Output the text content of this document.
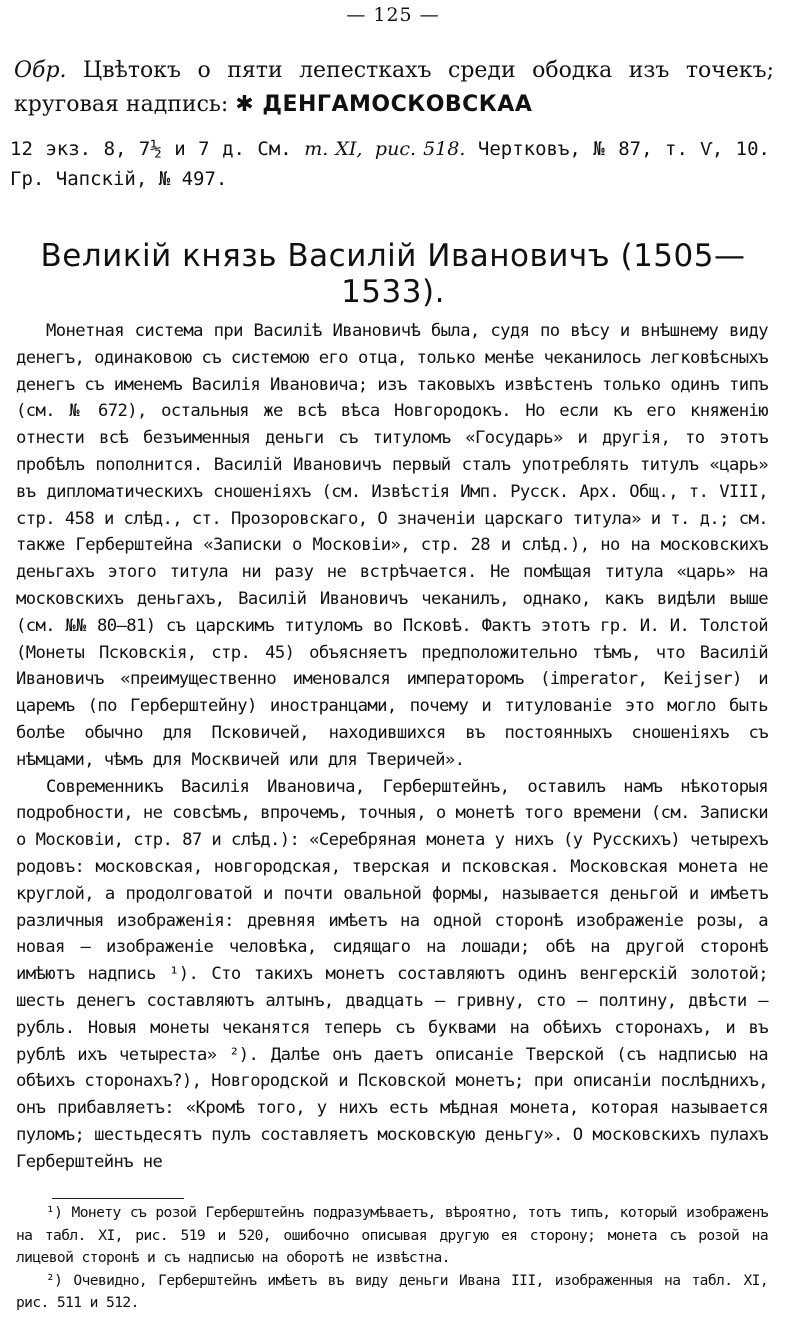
— 125 —
Обр. Цвѣтокъ о пяти лепесткахъ среди ободка изъ точекъ; круговая надпись: ✱ ДЕНГАМОСКОВСКАА
12 экз. 8, 7½ и 7 д. См. т. XI, рис. 518. Чертковъ, № 87, т. Ѵ, 10. Гр. Чапскій, № 497.
Великій князь Василій Ивановичъ (1505—1533).

Монетная система при Василіѣ Ивановичѣ была, судя по вѣсу и внѣшнему виду денегъ, одинаковою съ системою его отца, только менѣе чеканилось легковѣсныхъ денегъ съ именемъ Василія Ивановича; изъ таковыхъ извѣстенъ только одинъ типъ (см. № 672), остальныя же всѣ вѣса Новгородокъ. Но если къ его княженію отнести всѣ безъименныя деньги съ титуломъ «Государь» и другія, то этотъ пробѣлъ пополнится. Василій Ивановичъ первый сталъ употреблять титулъ «царь» въ дипломатическихъ сношеніяхъ (см. Извѣстія Имп. Русск. Арх. Общ., т. VIII, стр. 458 и слѣд., ст. Прозоровскаго, О значеніи царскаго титула» и т. д.; см. также Герберштейна «Записки о Московіи», стр. 28 и слѣд.), но на московскихъ деньгахъ этого титула ни разу не встрѣчается. Не помѣщая титула «царь» на московскихъ деньгахъ, Василій Ивановичъ чеканилъ, однако, какъ видѣли выше (см. №№ 80—81) съ царскимъ титуломъ во Псковѣ. Фактъ этотъ гр. И. И. Толстой (Монеты Псковскія, стр. 45) объясняетъ предположительно тѣмъ, что Василій Ивановичъ «преимущественно именовался императоромъ (imperator, Keijser) и царемъ (по Герберштейну) иностранцами, почему и титулованіе это могло быть болѣе обычно для Псковичей, находившихся въ постоянныхъ сношеніяхъ съ нѣмцами, чѣмъ для Москвичей или для Тверичей».

Современникъ Василія Ивановича, Герберштейнъ, оставилъ намъ нѣкоторыя подробности, не совсѣмъ, впрочемъ, точныя, о монетѣ того времени (см. Записки о Московіи, стр. 87 и слѣд.): «Серебряная монета у нихъ (у Русскихъ) четырехъ родовъ: московская, новгородская, тверская и псковская. Московская монета не круглой, а продолговатой и почти овальной формы, называется деньгой и имѣетъ различныя изображенія: древняя имѣетъ на одной сторонѣ изображеніе розы, а новая — изображеніе человѣка, сидящаго на лошади; обѣ на другой сторонѣ имѣютъ надпись ¹). Сто такихъ монетъ составляютъ одинъ венгерскій золотой; шесть денегъ составляютъ алтынъ, двадцать — гривну, сто — полтину, двѣсти — рубль. Новыя монеты чеканятся теперь съ буквами на обѣихъ сторонахъ, и въ рублѣ ихъ четыреста» ²). Далѣе онъ даетъ описаніе Тверской (съ надписью на обѣихъ сторонахъ?), Новгородской и Псковской монетъ; при описаніи послѣднихъ, онъ прибавляетъ: «Кромѣ того, у нихъ есть мѣдная монета, которая называется пуломъ; шестьдесятъ пулъ составляетъ московскую деньгу». О московскихъ пулахъ Герберштейнъ не

¹) Монету съ розой Герберштейнъ подразумѣваетъ, вѣроятно, тотъ типъ, который изображенъ на табл. XI, рис. 519 и 520, ошибочно описывая другую ея сторону; монета съ розой на лицевой сторонѣ и съ надписью на оборотѣ не извѣстна.

²) Очевидно, Герберштейнъ имѣетъ въ виду деньги Ивана III, изображенныя на табл. XI, рис. 511 и 512.
